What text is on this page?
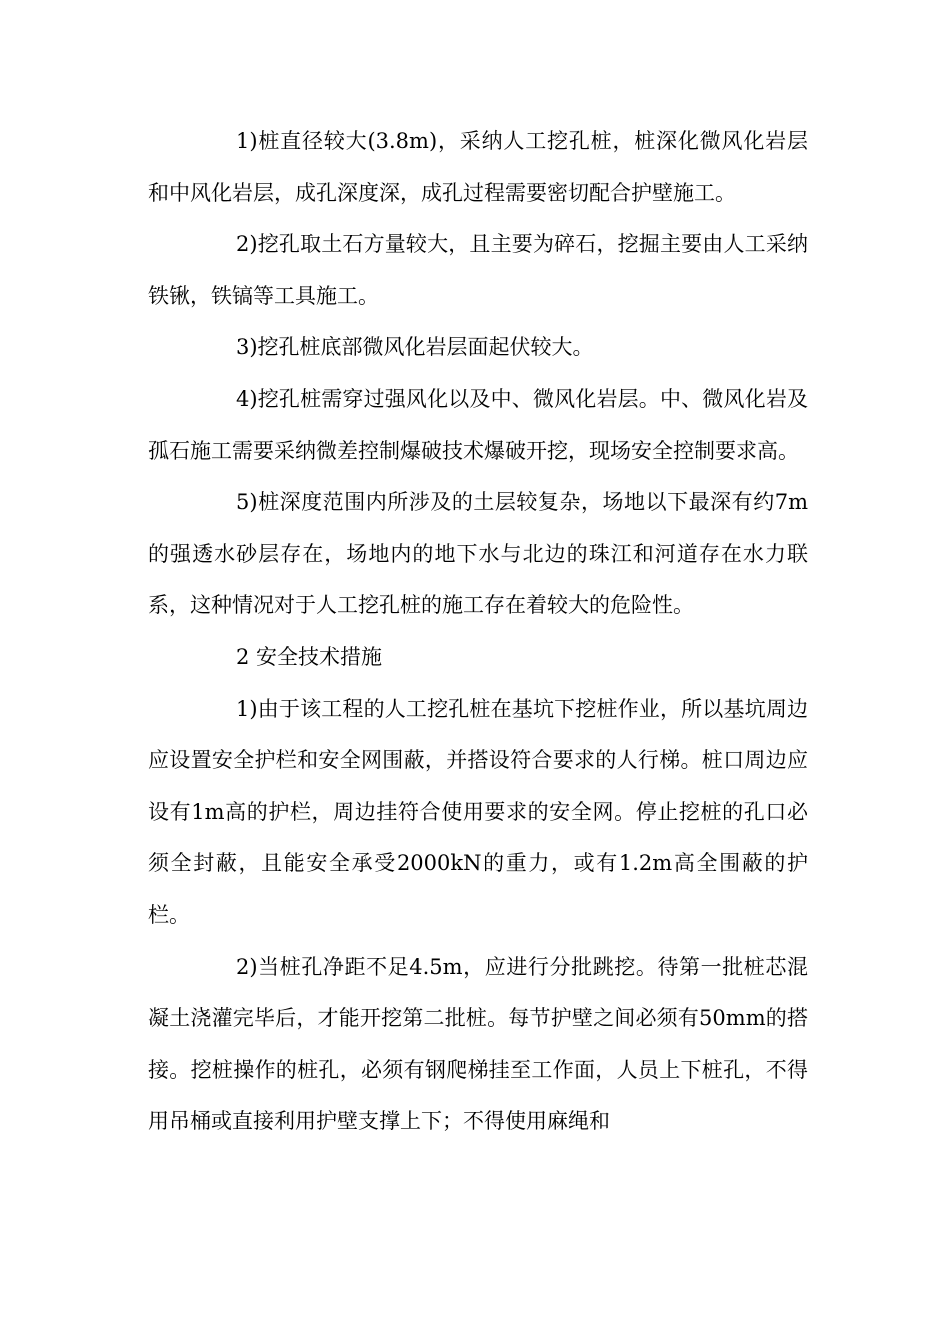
1)桩直径较大(3.8m)，采纳人工挖孔桩，桩深化微风化岩层和中风化岩层，成孔深度深，成孔过程需要密切配合护壁施工。

2)挖孔取土石方量较大，且主要为碎石，挖掘主要由人工采纳铁锹，铁镐等工具施工。

3)挖孔桩底部微风化岩层面起伏较大。

4)挖孔桩需穿过强风化以及中、微风化岩层。中、微风化岩及孤石施工需要采纳微差控制爆破技术爆破开挖，现场安全控制要求高。

5)桩深度范围内所涉及的土层较复杂，场地以下最深有约7m的强透水砂层存在，场地内的地下水与北边的珠江和河道存在水力联系，这种情况对于人工挖孔桩的施工存在着较大的危险性。

2 安全技术措施

1)由于该工程的人工挖孔桩在基坑下挖桩作业，所以基坑周边应设置安全护栏和安全网围蔽，并搭设符合要求的人行梯。桩口周边应设有1m高的护栏，周边挂符合使用要求的安全网。停止挖桩的孔口必须全封蔽，且能安全承受2000kN的重力，或有1.2m高全围蔽的护栏。

2)当桩孔净距不足4.5m，应进行分批跳挖。待第一批桩芯混凝土浇灌完毕后，才能开挖第二批桩。每节护壁之间必须有50mm的搭接。挖桩操作的桩孔，必须有钢爬梯挂至工作面，人员上下桩孔，不得用吊桶或直接利用护壁支撑上下；不得使用麻绳和
